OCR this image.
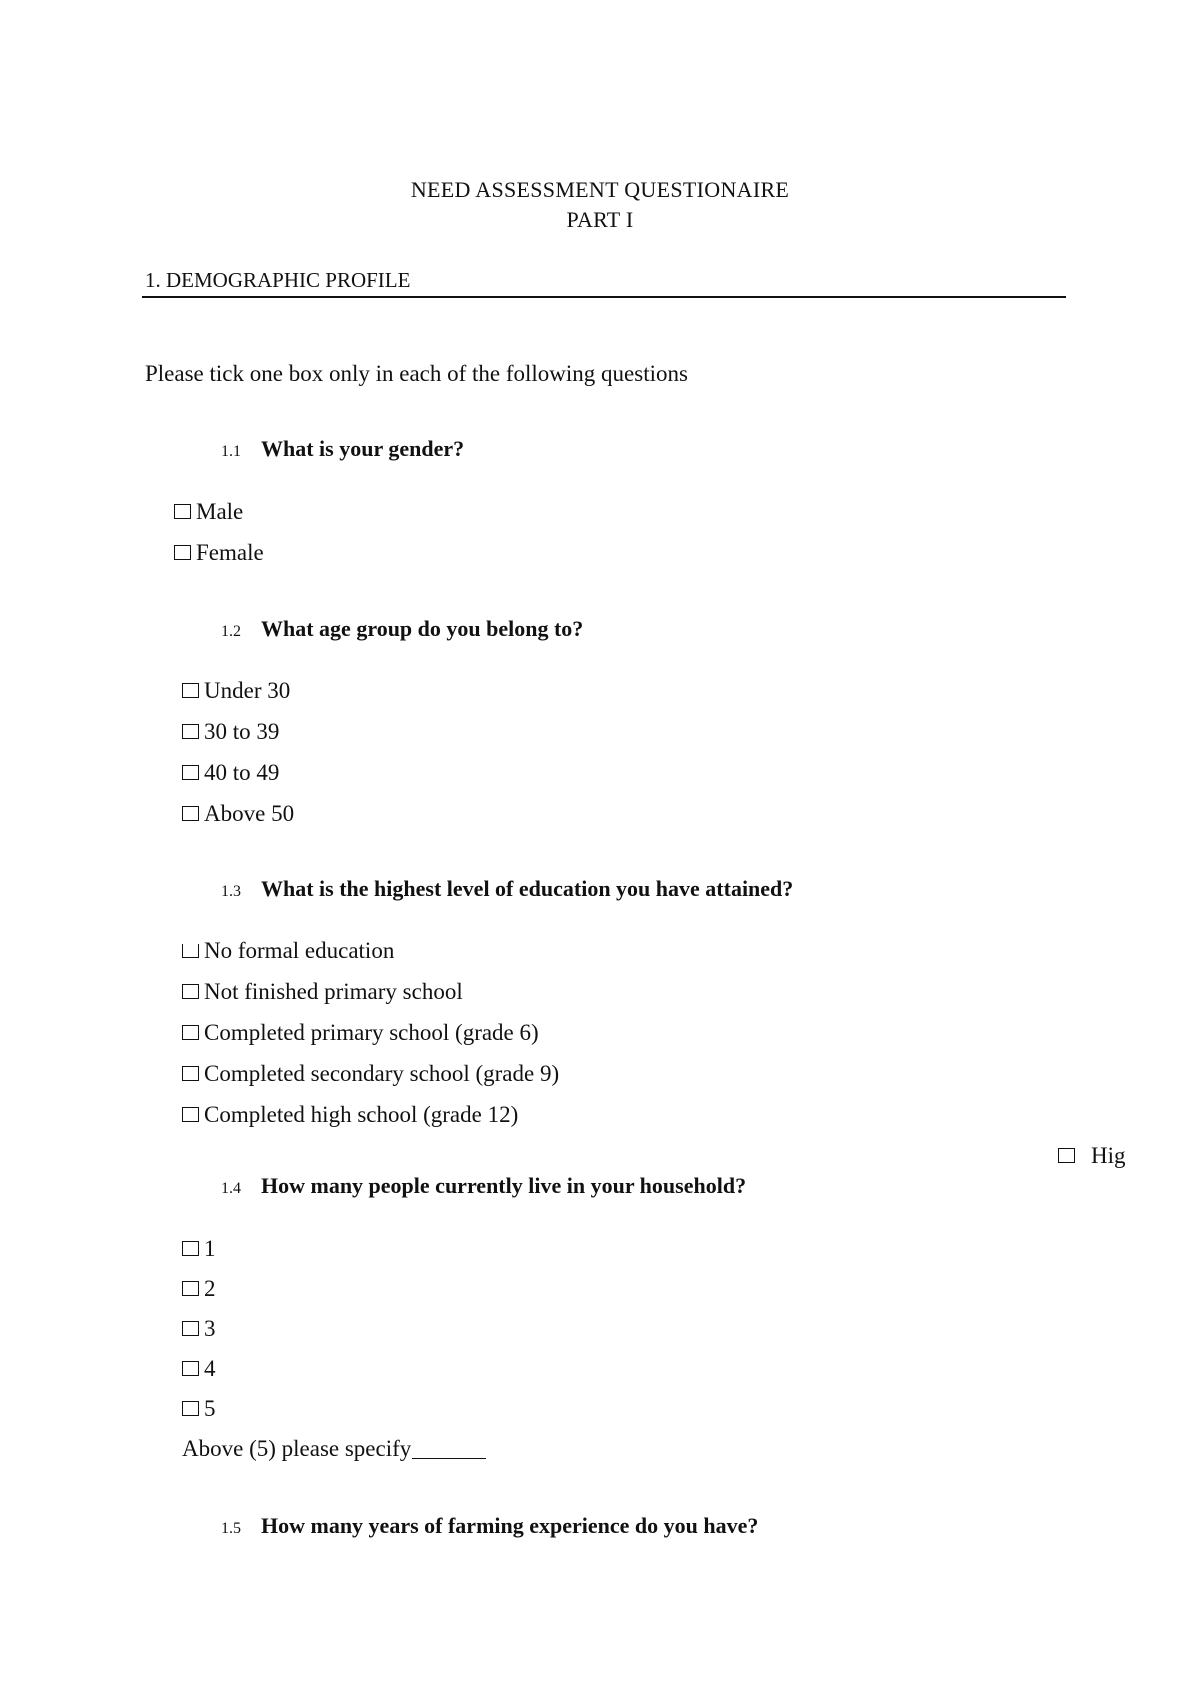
NEED ASSESSMENT QUESTIONAIRE
PART I
1. DEMOGRAPHIC PROFILE
Please tick one box only in each of the following questions
1.1 What is your gender?
Male
Female
1.2 What age group do you belong to?
Under 30
30 to 39
40 to 49
Above 50
1.3 What is the highest level of education you have attained?
No formal education
Not finished primary school
Completed primary school (grade 6)
Completed secondary school (grade 9)
Completed high school (grade 12)
Hig
1.4 How many people currently live in your household?
1
2
3
4
5
Above (5) please specify
1.5 How many years of farming experience do you have?
